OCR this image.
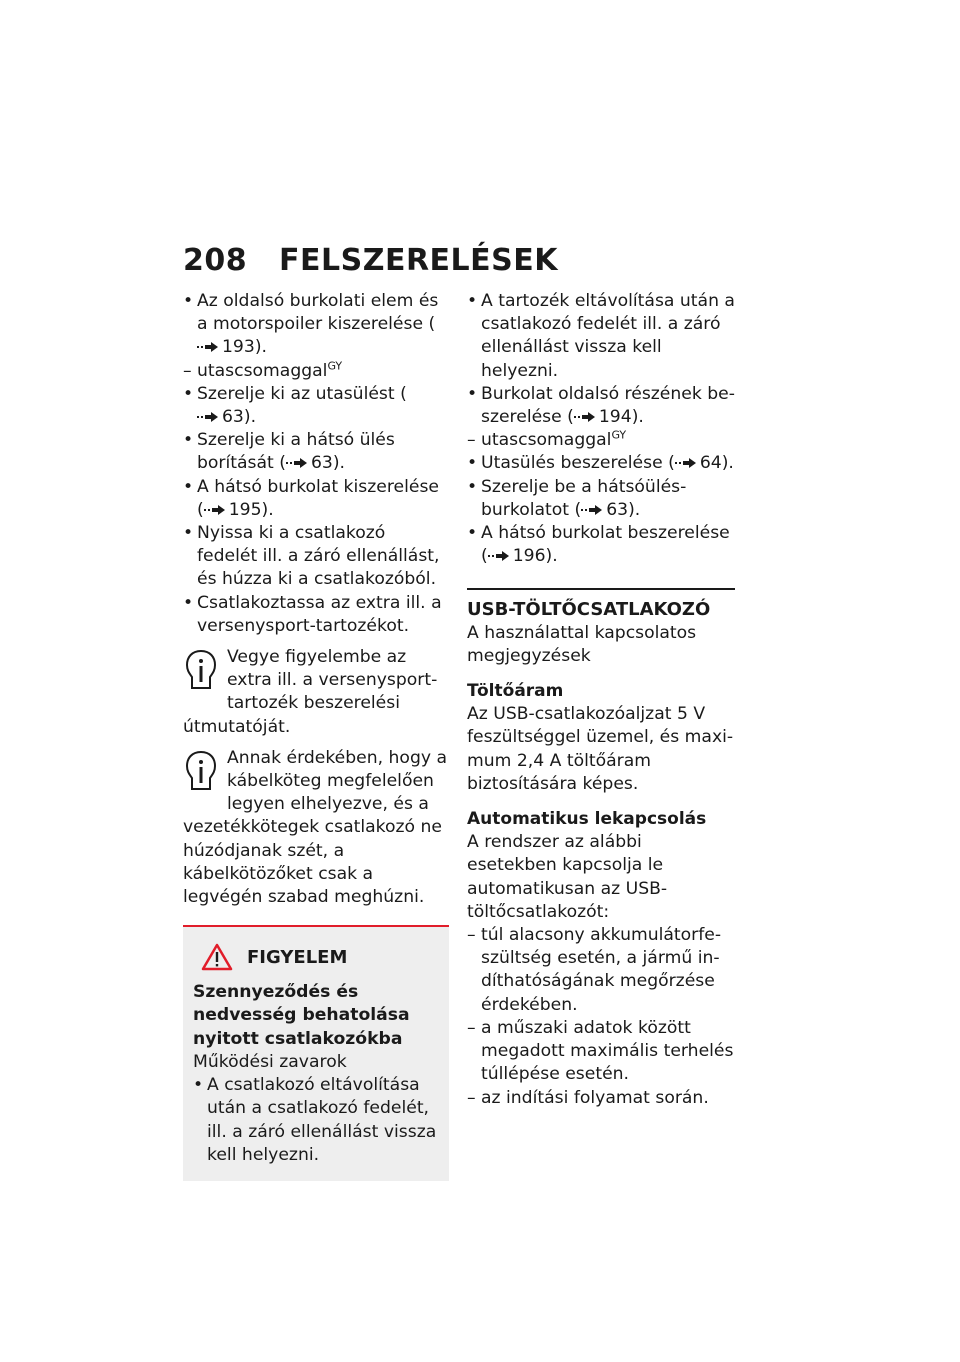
208 FELSZERELÉSEK
• Az oldalsó burkolati elem és a motorspoiler kiszerelése (193).
– utascsomaggal$^{GY}$
• Szerelje ki az utasülést (63).
• Szerelje ki a hátsó ülés borítását ( 63).
• A hátsó burkolat kiszerelése ( 195).
• Nyissa ki a csatlakozó fedelét ill. a záró ellenállást, és húzza ki a csatlakozóból.
• Csatlakoztassa az extra ill. a versenysport-tartozékot.
Vegye figyelembe az extra ill. a versenysport-tartozék beszerelési útmutatóját.
Annak érdekében, hogy a kábelköteg megfelelően legyen elhelyezve, és a vezetékkötegek csatlakozó ne húzódjanak szét, a kábelkötözőket csak a legvégén szabad meghúzni.
FIGYELEM
Szennyeződés és nedvesség behatolása nyitott csatlakozókba
Működési zavarok
• A csatlakozó eltávolítása után a csatlakozó fedelét, ill. a záró ellenállást vissza kell helyezni.
• A tartozék eltávolítása után a csatlakozó fedelét ill. a záró ellenállást vissza kell helyezni.
• Burkolat oldalsó részének beszerelése ( 194).
– utascsomaggal$^{GY}$
• Utasülés beszerelése ( 64).
• Szerelje be a hátsóülés-burkolatot ( 63).
• A hátsó burkolat beszerelése ( 196).
USB-TÖLTŐCSATLAKOZÓ
A használattal kapcsolatos megjegyzések
Töltőáram
Az USB-csatlakozóaljzat 5 V feszültséggel üzemel, és maximum 2,4 A töltőáram biztosítására képes.
Automatikus lekapcsolás
A rendszer az alábbi esetekben kapcsolja le automatikusan az USB-töltőcsatlakozót:
– túl alacsony akkumulátorfeszültség esetén, a jármű indíthatóságának megőrzése érdekében.
– a műszaki adatok között megadott maximális terhelés túllépése esetén.
– az indítási folyamat során.
